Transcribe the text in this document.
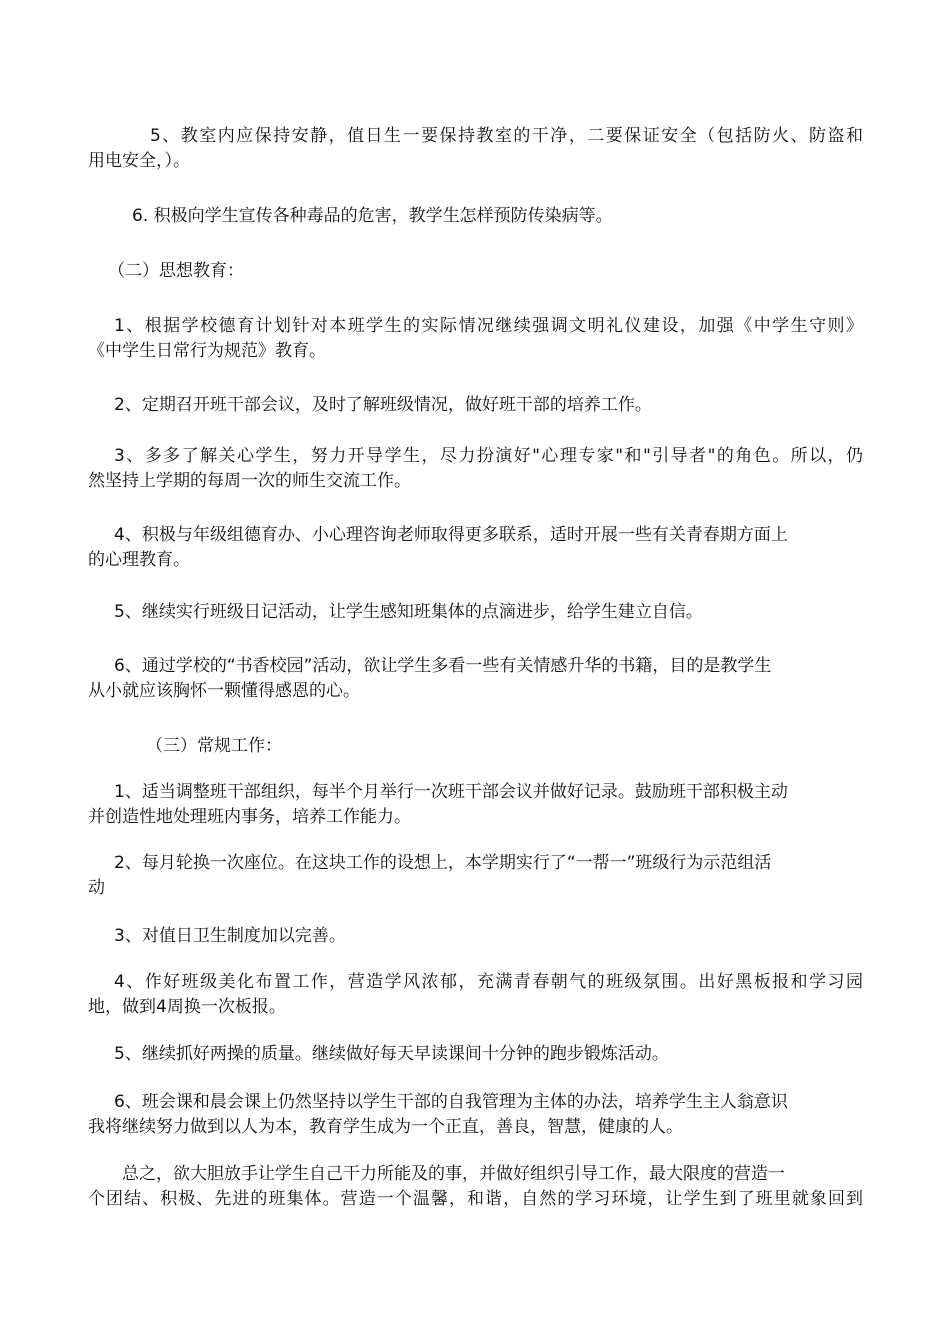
5、教室内应保持安静，值日生一要保持教室的干净，二要保证安全（包括防火、防盗和
用电安全，）。
6. 积极向学生宣传各种毒品的危害，教学生怎样预防传染病等。
（二）思想教育：
1、根据学校德育计划针对本班学生的实际情况继续强调文明礼仪建设，加强《中学生守则》
《中学生日常行为规范》教育。
2、定期召开班干部会议，及时了解班级情况，做好班干部的培养工作。
3、多多了解关心学生，努力开导学生，尽力扮演好"心理专家"和"引导者"的角色。所以，仍
然坚持上学期的每周一次的师生交流工作。
4、积极与年级组德育办、小心理咨询老师取得更多联系，适时开展一些有关青春期方面上
的心理教育。
5、继续实行班级日记活动，让学生感知班集体的点滴进步，给学生建立自信。
6、通过学校的“书香校园”活动，欲让学生多看一些有关情感升华的书籍，目的是教学生
从小就应该胸怀一颗懂得感恩的心。
（三）常规工作：
1、适当调整班干部组织，每半个月举行一次班干部会议并做好记录。鼓励班干部积极主动
并创造性地处理班内事务，培养工作能力。
2、每月轮换一次座位。在这块工作的设想上，本学期实行了“一帮一”班级行为示范组活
动
3、对值日卫生制度加以完善。
4、作好班级美化布置工作，营造学风浓郁，充满青春朝气的班级氛围。出好黑板报和学习园
地，做到4周换一次板报。
5、继续抓好两操的质量。继续做好每天早读课间十分钟的跑步锻炼活动。
6、班会课和晨会课上仍然坚持以学生干部的自我管理为主体的办法，培养学生主人翁意识
我将继续努力做到以人为本，教育学生成为一个正直，善良，智慧，健康的人。
总之，欲大胆放手让学生自己干力所能及的事，并做好组织引导工作，最大限度的营造一
个团结、积极、先进的班集体。营造一个温馨，和谐，自然的学习环境，让学生到了班里就象回到
